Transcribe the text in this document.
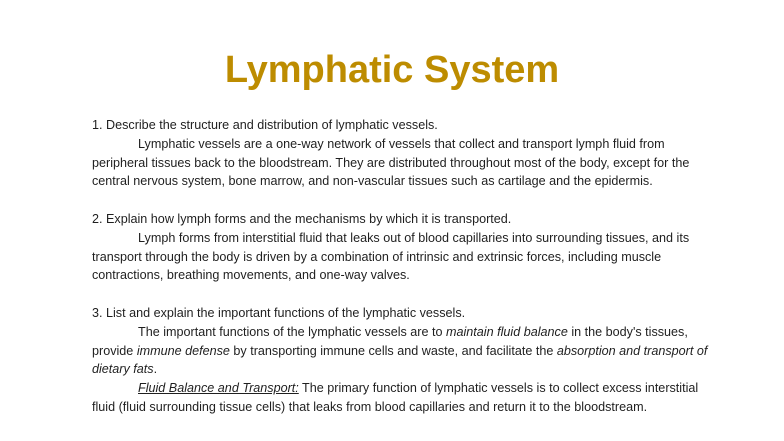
Lymphatic System

1. Describe the structure and distribution of lymphatic vessels.

Lymphatic vessels are a one-way network of vessels that collect and transport lymph fluid from peripheral tissues back to the bloodstream. They are distributed throughout most of the body, except for the central nervous system, bone marrow, and non-vascular tissues such as cartilage and the epidermis.

2. Explain how lymph forms and the mechanisms by which it is transported.

Lymph forms from interstitial fluid that leaks out of blood capillaries into surrounding tissues, and its transport through the body is driven by a combination of intrinsic and extrinsic forces, including muscle contractions, breathing movements, and one-way valves.

3. List and explain the important functions of the lymphatic vessels.

The important functions of the lymphatic vessels are to maintain fluid balance in the body's tissues, provide immune defense by transporting immune cells and waste, and facilitate the absorption and transport of dietary fats.

Fluid Balance and Transport: The primary function of lymphatic vessels is to collect excess interstitial fluid (fluid surrounding tissue cells) that leaks from blood capillaries and return it to the bloodstream.
